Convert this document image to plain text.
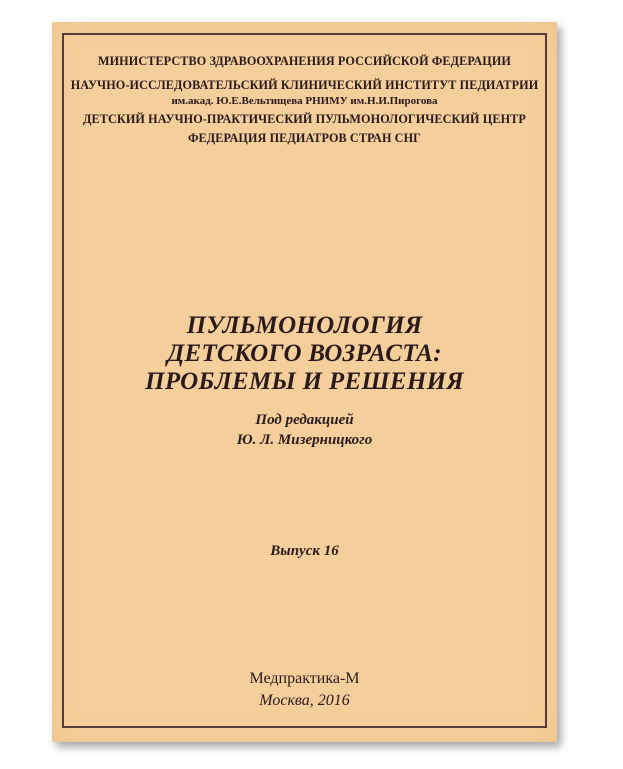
МИНИСТЕРСТВО ЗДРАВООХРАНЕНИЯ РОССИЙСКОЙ ФЕДЕРАЦИИ
НАУЧНО-ИССЛЕДОВАТЕЛЬСКИЙ КЛИНИЧЕСКИЙ ИНСТИТУТ ПЕДИАТРИИ
им.акад. Ю.Е.Вельтищева РНИМУ им.Н.И.Пирогова
ДЕТСКИЙ НАУЧНО-ПРАКТИЧЕСКИЙ ПУЛЬМОНОЛОГИЧЕСКИЙ ЦЕНТР
ФЕДЕРАЦИЯ ПЕДИАТРОВ СТРАН СНГ
ПУЛЬМОНОЛОГИЯ
ДЕТСКОГО ВОЗРАСТА:
ПРОБЛЕМЫ И РЕШЕНИЯ
Под редакцией
Ю. Л. Мизерницкого
Выпуск 16
Медпрактика-М
Москва, 2016
